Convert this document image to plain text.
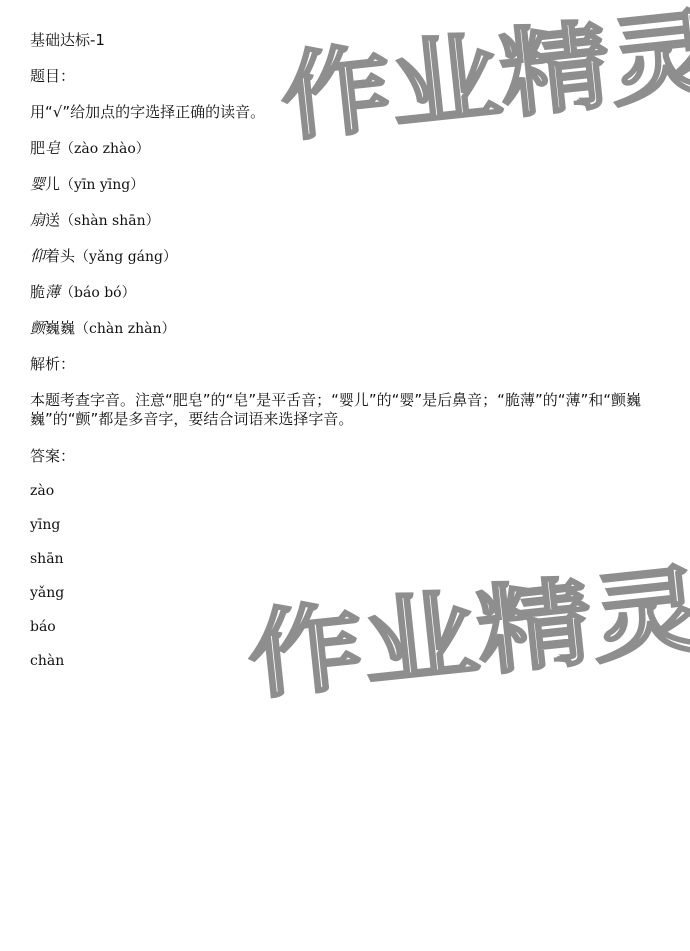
作业精灵
作业精灵
基础达标-1
题目：
用“√”给加点的字选择正确的读音。
肥皂（zào zhào）
婴儿（yīn yīng）
扇送（shàn shān）
仰着头（yǎng gáng）
脆薄（báo bó）
颤巍巍（chàn zhàn）
解析：
本题考查字音。注意“肥皂”的“皂”是平舌音；“婴儿”的“婴”是后鼻音；“脆薄”的“薄”和“颤巍巍”的“颤”都是多音字，要结合词语来选择字音。
答案：
zào
yīng
shān
yǎng
báo
chàn
